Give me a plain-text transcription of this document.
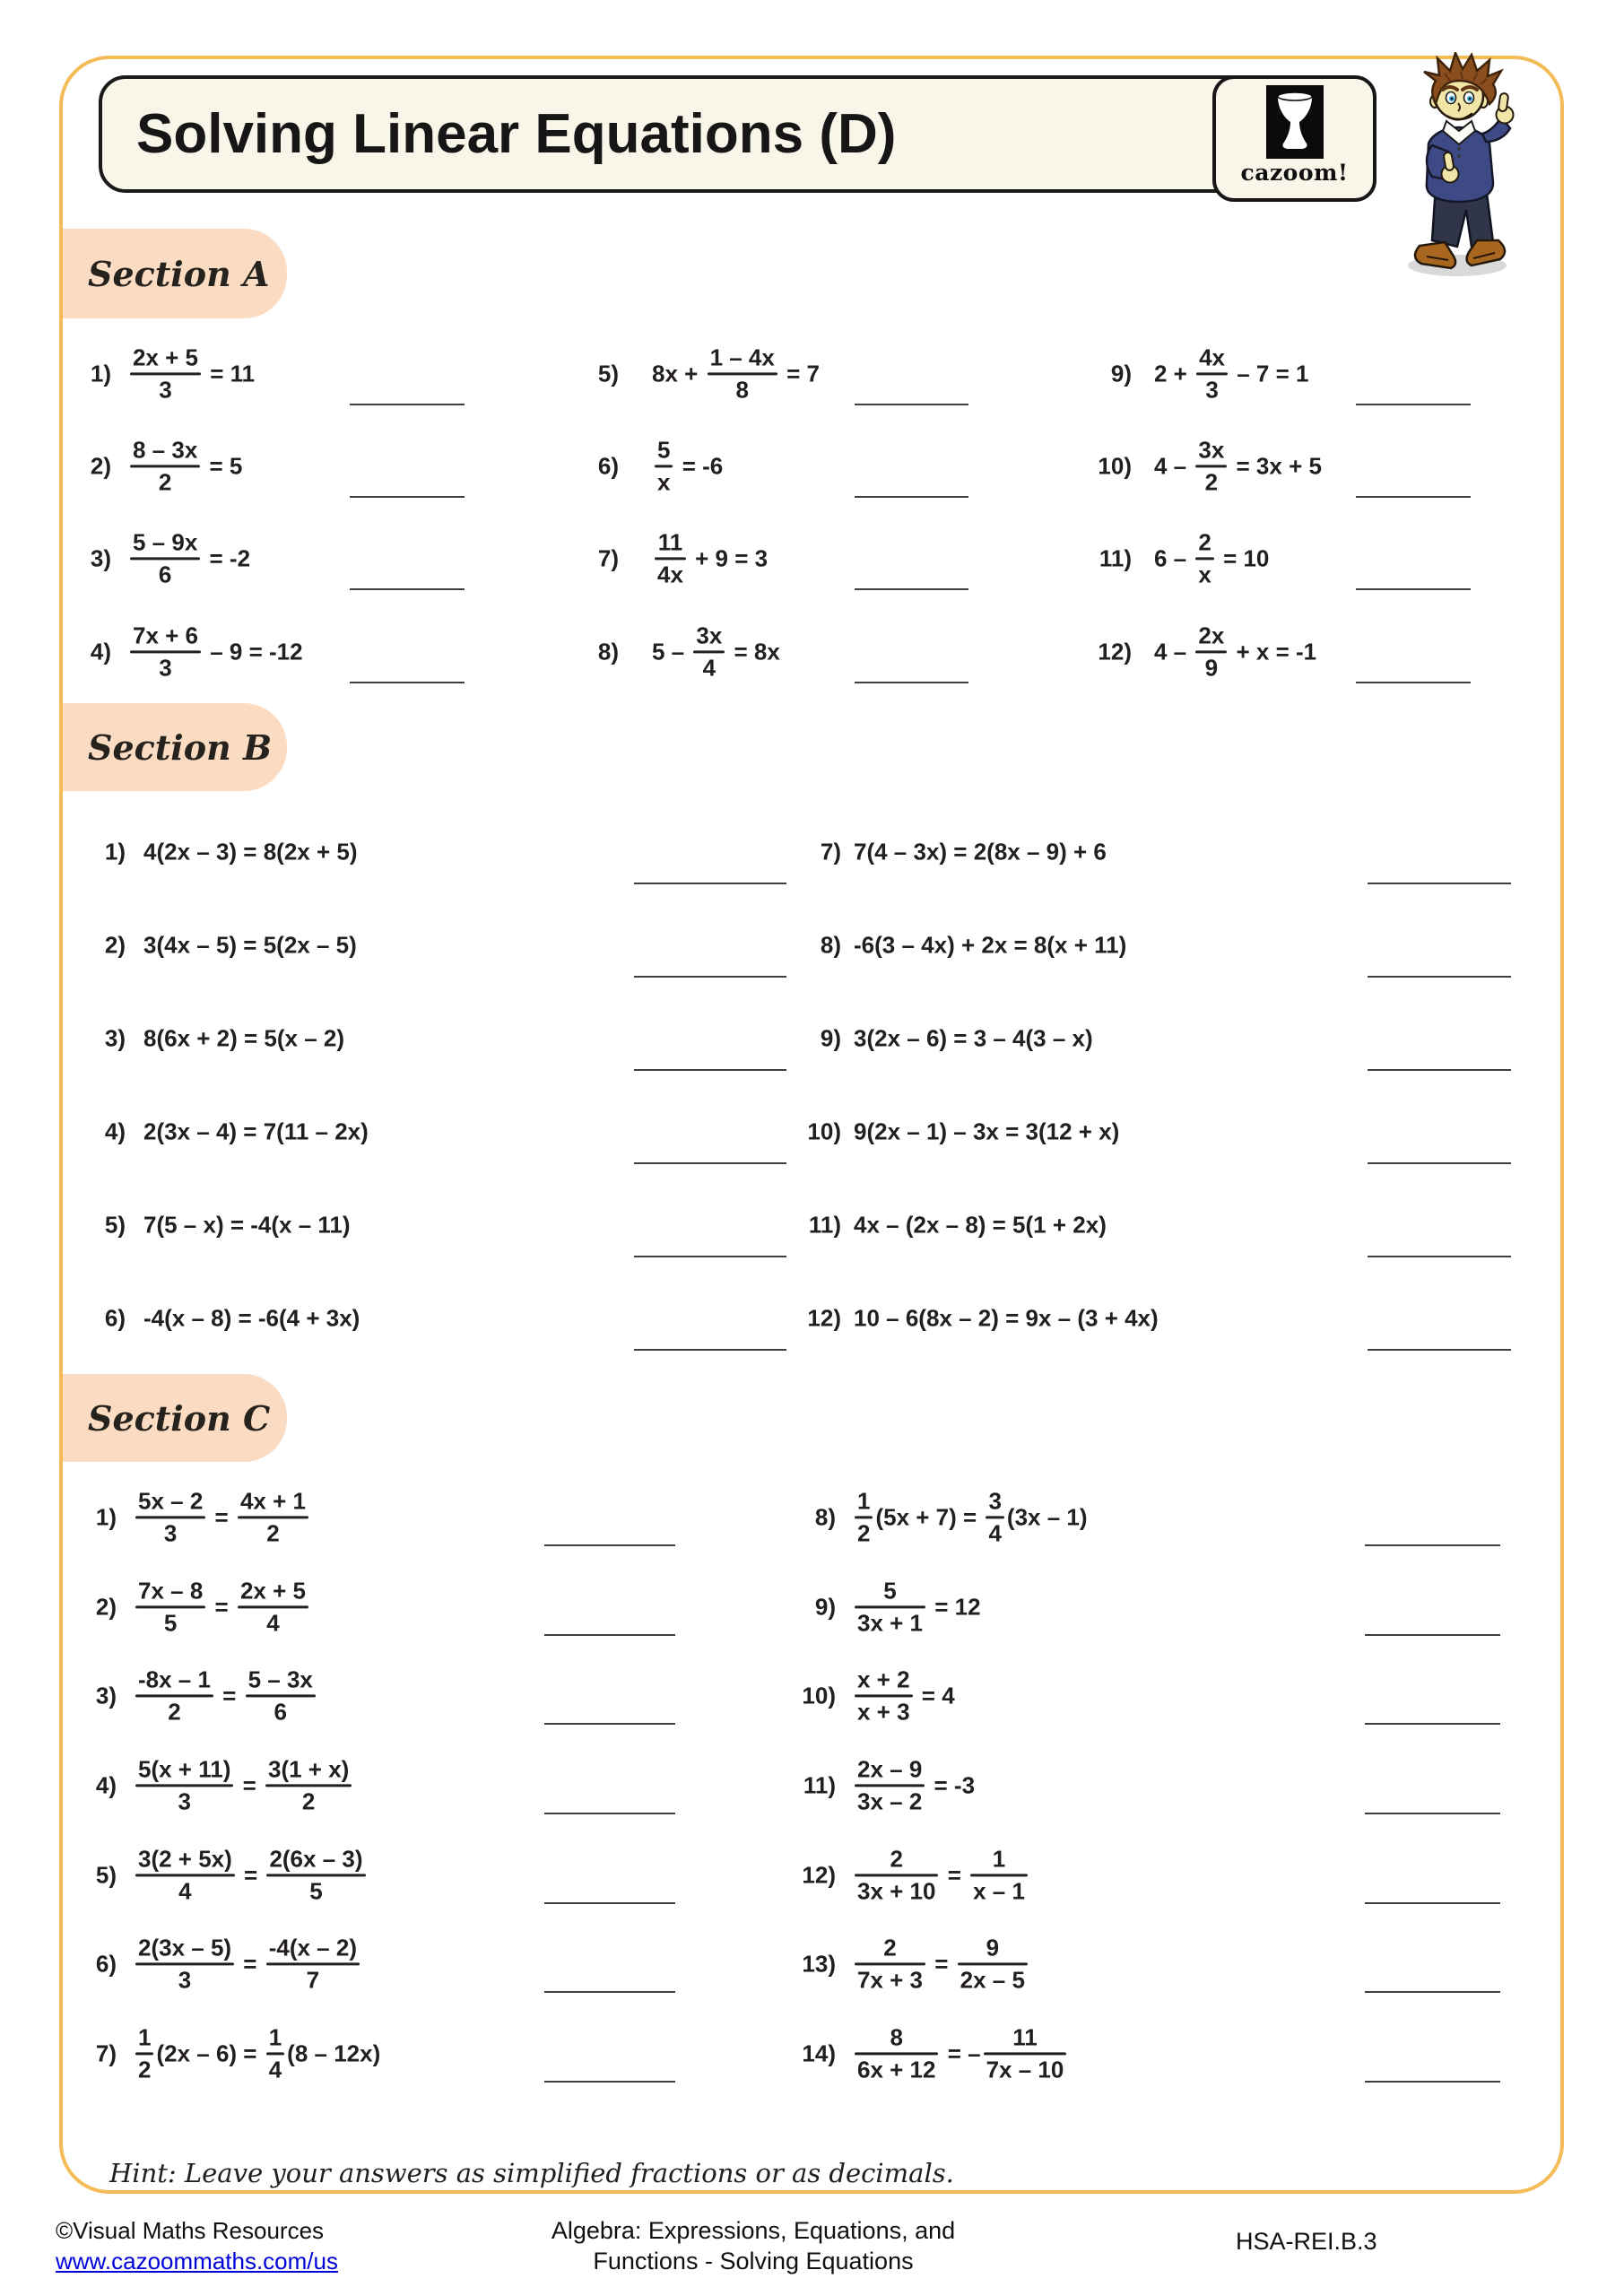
Solving Linear Equations (D)
cazoom!
Section A
$1) \frac{2x + 5}{3} = 11$
$2) \frac{8 - 3x}{2} = 5$
$3) \frac{5 - 9x}{6} = -2$
$4) \frac{7x + 6}{3} - 9 = -12$
5) $8x + \frac{1 - 4x}{8} = 7$
$6) \frac{5}{x} = -6$
$7) \frac{11}{4x} + 9 = 3$
8) $5 - \frac{3x}{4} = 8x$
9) $2 + \frac{4x}{3} - 7 = 1$
10) $4 - \frac{3x}{2} = 3x + 5$
11) $6 - \frac{2}{x} = 10$
12) $4 - \frac{2x}{9} + x = -1$
Section B
1) 4(2x – 3) = 8(2x + 5)
2) 3(4x – 5) = 5(2x – 5)
3) 8(6x + 2) = 5(x – 2)
4) 2(3x – 4) = 7(11 – 2x)
5) 7(5 – x) = -4(x – 11)
6) -4(x – 8) = -6(4 + 3x)
7) 7(4 – 3x) = 2(8x – 9) + 6
8) -6(3 – 4x) + 2x = 8(x + 11)
9) 3(2x – 6) = 3 – 4(3 – x)
10) 9(2x – 1) – 3x = 3(12 + x)
11) 4x – (2x – 8) = 5(1 + 2x)
12) 10 – 6(8x – 2) = 9x – (3 + 4x)
Section C
$1) \frac{5x - 2}{3} = \frac{4x + 1}{2}$
$2) \frac{7x - 8}{5} = \frac{2x + 5}{4}$
$3) \frac{-8x - 1}{2} = \frac{5 - 3x}{6}$
$4) \frac{5(x + 11)}{3} = \frac{3(1 + x)}{2}$
$5) \frac{3(2 + 5x)}{4} = \frac{2(6x - 3)}{5}$
$6) \frac{2(3x - 5)}{3} = \frac{-4(x - 2)}{7}$
$7) \frac{1}{2} (2x - 6) = \frac{1}{4} (8 - 12x)$
$8) \frac{1}{2} (5x + 7) = \frac{3}{4} (3x - 1)$
$9) \frac{5}{3x + 1} = 12$
$10) \frac{x + 2}{x + 3} = 4$
$11) \frac{2x - 9}{3x - 2} = -3$
$12) \frac{2}{3x + 10} = \frac{1}{x - 1}$
$13) \frac{2}{7x + 3} = \frac{9}{2x - 5}$
$14) \frac{8}{6x + 12}$ = – $\frac{11}{7x - 10}$
Hint: Leave your answers as simplified fractions or as decimals.
©Visual Maths Resources
www.cazoommaths.com/us
Algebra: Expressions, Equations, and
Functions - Solving Equations
HSA-REI.B.3
